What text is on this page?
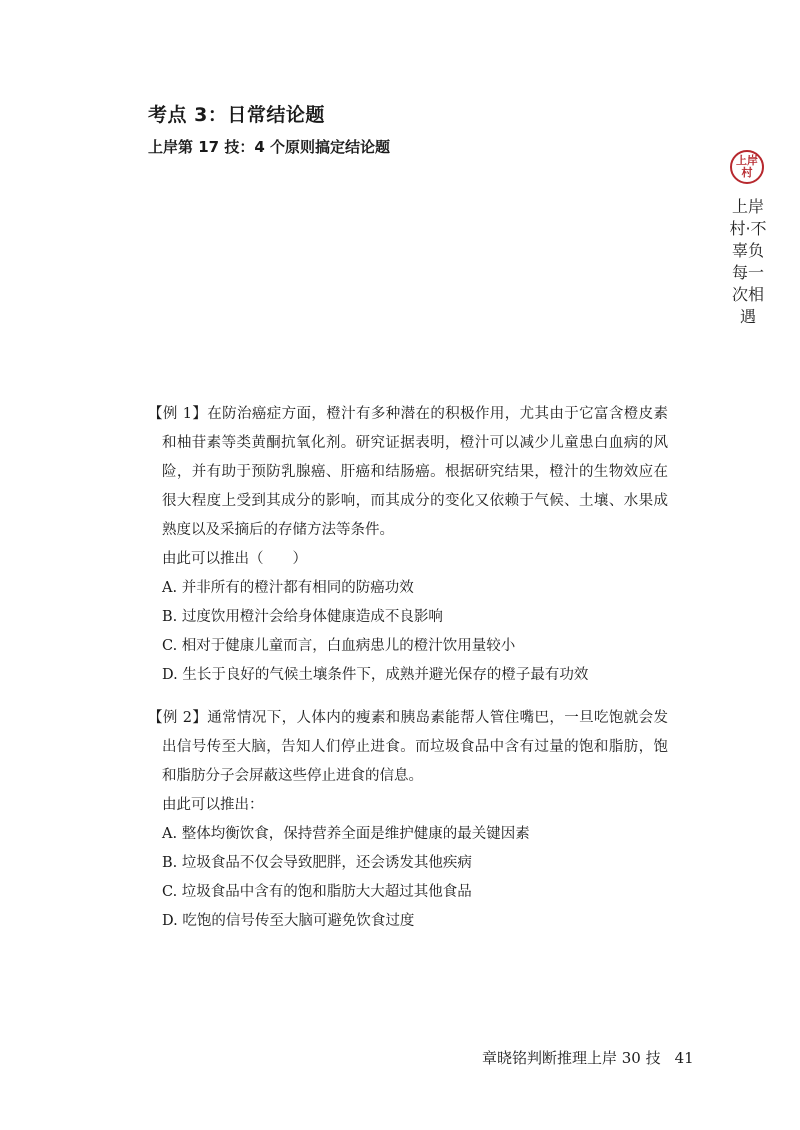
考点 3：日常结论题
上岸第 17 技：4 个原则搞定结论题
上岸
村
上岸村·不辜负每一次相遇

【例 1】在防治癌症方面，橙汁有多种潜在的积极作用，尤其由于它富含橙皮素和柚苷素等类黄酮抗氧化剂。研究证据表明，橙汁可以减少儿童患白血病的风险，并有助于预防乳腺癌、肝癌和结肠癌。根据研究结果，橙汁的生物效应在很大程度上受到其成分的影响，而其成分的变化又依赖于气候、土壤、水果成熟度以及采摘后的存储方法等条件。

由此可以推出（　　）
A. 并非所有的橙汁都有相同的防癌功效
B. 过度饮用橙汁会给身体健康造成不良影响
C. 相对于健康儿童而言，白血病患儿的橙汁饮用量较小
D. 生长于良好的气候土壤条件下，成熟并避光保存的橙子最有功效

【例 2】通常情况下，人体内的瘦素和胰岛素能帮人管住嘴巴，一旦吃饱就会发出信号传至大脑，告知人们停止进食。而垃圾食品中含有过量的饱和脂肪，饱和脂肪分子会屏蔽这些停止进食的信息。

由此可以推出：
A. 整体均衡饮食，保持营养全面是维护健康的最关键因素
B. 垃圾食品不仅会导致肥胖，还会诱发其他疾病
C. 垃圾食品中含有的饱和脂肪大大超过其他食品
D. 吃饱的信号传至大脑可避免饮食过度
章晓铭判断推理上岸 30 技 41
